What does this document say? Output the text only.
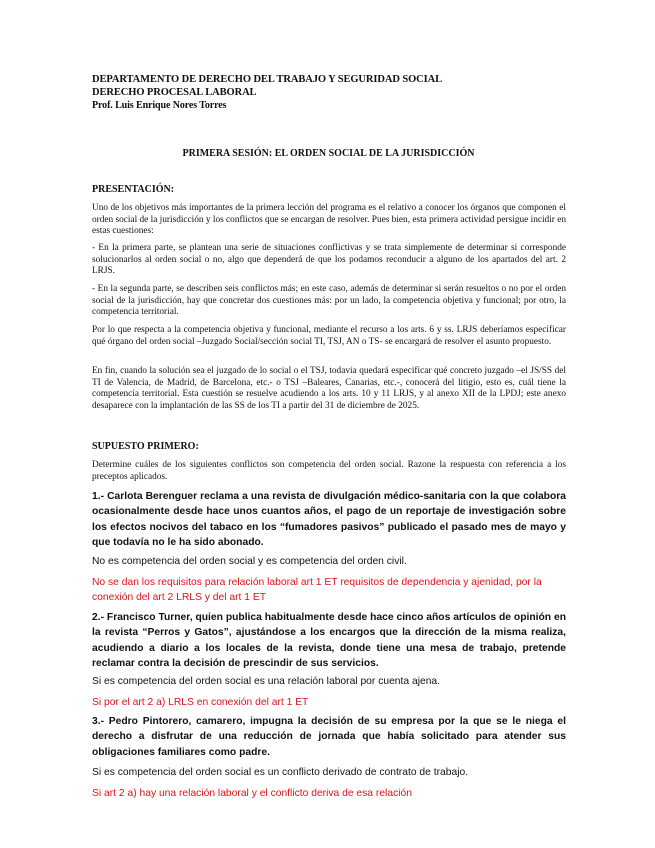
DEPARTAMENTO DE DERECHO DEL TRABAJO Y SEGURIDAD SOCIAL
DERECHO PROCESAL LABORAL
Prof. Luis Enrique Nores Torres
PRIMERA SESIÓN: EL ORDEN SOCIAL DE LA JURISDICCIÓN
PRESENTACIÓN:
Uno de los objetivos más importantes de la primera lección del programa es el relativo a conocer los órganos que componen el orden social de la jurisdicción y los conflictos que se encargan de resolver. Pues bien, esta primera actividad persigue incidir en estas cuestiones:
- En la primera parte, se plantean una serie de situaciones conflictivas y se trata simplemente de determinar si corresponde solucionarlos al orden social o no, algo que dependerá de que los podamos reconducir a alguno de los apartados del art. 2 LRJS.
- En la segunda parte, se describen seis conflictos más; en este caso, además de determinar si serán resueltos o no por el orden social de la jurisdicción, hay que concretar dos cuestiones más: por un lado, la competencia objetiva y funcional; por otro, la competencia territorial.
Por lo que respecta a la competencia objetiva y funcional, mediante el recurso a los arts. 6 y ss. LRJS deberíamos especificar qué órgano del orden social –Juzgado Social/sección social TI, TSJ, AN o TS- se encargará de resolver el asunto propuesto.
En fin, cuando la solución sea el juzgado de lo social o el TSJ, todavía quedará especificar qué concreto juzgado –el JS/SS del TI de Valencia, de Madrid, de Barcelona, etc.- o TSJ –Baleares, Canarias, etc.-, conocerá del litigio, esto es, cuál tiene la competencia territorial. Esta cuestión se resuelve acudiendo a los arts. 10 y 11 LRJS, y al anexo XII de la LPDJ; este anexo desaparece con la implantación de las SS de los TI a partir del 31 de diciembre de 2025.
SUPUESTO PRIMERO:
Determine cuáles de los siguientes conflictos son competencia del orden social. Razone la respuesta con referencia a los preceptos aplicados.
1.- Carlota Berenguer reclama a una revista de divulgación médico-sanitaria con la que colabora ocasionalmente desde hace unos cuantos años, el pago de un reportaje de investigación sobre los efectos nocivos del tabaco en los “fumadores pasivos” publicado el pasado mes de mayo y que todavía no le ha sido abonado.
No es competencia del orden social y es competencia del orden civil.
No se dan los requisitos para relación laboral art 1 ET requisitos de dependencia y ajenidad, por la conexión del art 2 LRLS y del art 1 ET
2.- Francisco Turner, quien publica habitualmente desde hace cinco años artículos de opinión en la revista “Perros y Gatos”, ajustándose a los encargos que la dirección de la misma realiza, acudiendo a diario a los locales de la revista, donde tiene una mesa de trabajo, pretende reclamar contra la decisión de prescindir de sus servicios.
Si es competencia del orden social es una relación laboral por cuenta ajena.
Si por el art 2 a) LRLS en conexión del art 1 ET
3.- Pedro Pintorero, camarero, impugna la decisión de su empresa por la que se le niega el derecho a disfrutar de una reducción de jornada que había solicitado para atender sus obligaciones familiares como padre.
Si es competencia del orden social es un conflicto derivado de contrato de trabajo.
Si art 2 a) hay una relación laboral y el conflicto deriva de esa relación
